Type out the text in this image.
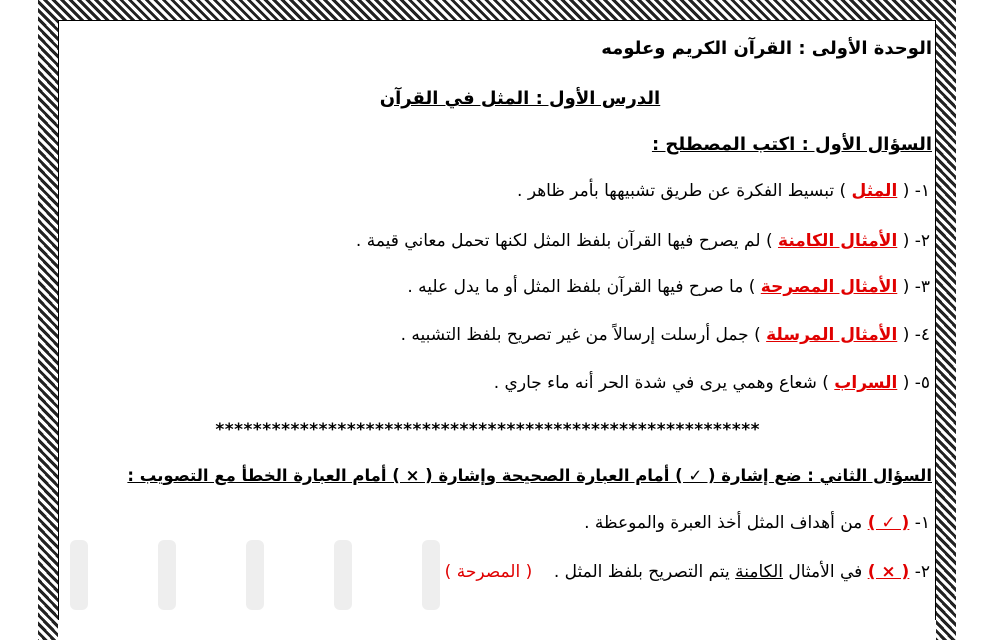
الوحدة الأولى : القرآن الكريم وعلومه
الدرس الأول : المثل في القرآن
السؤال الأول : اكتب المصطلح :
١- ( المثل ) تبسيط الفكرة عن طريق تشبيهها بأمر ظاهر .
٢- ( الأمثال الكامنة ) لم يصرح فيها القرآن بلفظ المثل لكنها تحمل معاني قيمة .
٣- ( الأمثال المصرحة ) ما صرح فيها القرآن بلفظ المثل أو ما يدل عليه .
٤- ( الأمثال المرسلة ) جمل أرسلت إرسالاً من غير تصريح بلفظ التشبيه .
٥- ( السراب ) شعاع وهمي يرى في شدة الحر أنه ماء جاري .
**********************************************************
السؤال الثاني : ضع إشارة ( ✓ ) أمام العبارة الصحيحة وإشارة ( × ) أمام العبارة الخطأ مع التصويب :
١- ( ✓ ) من أهداف المثل أخذ العبرة والموعظة .
٢- ( × ) في الأمثال الكامنة يتم التصريح بلفظ المثل .    ( المصرحة )
